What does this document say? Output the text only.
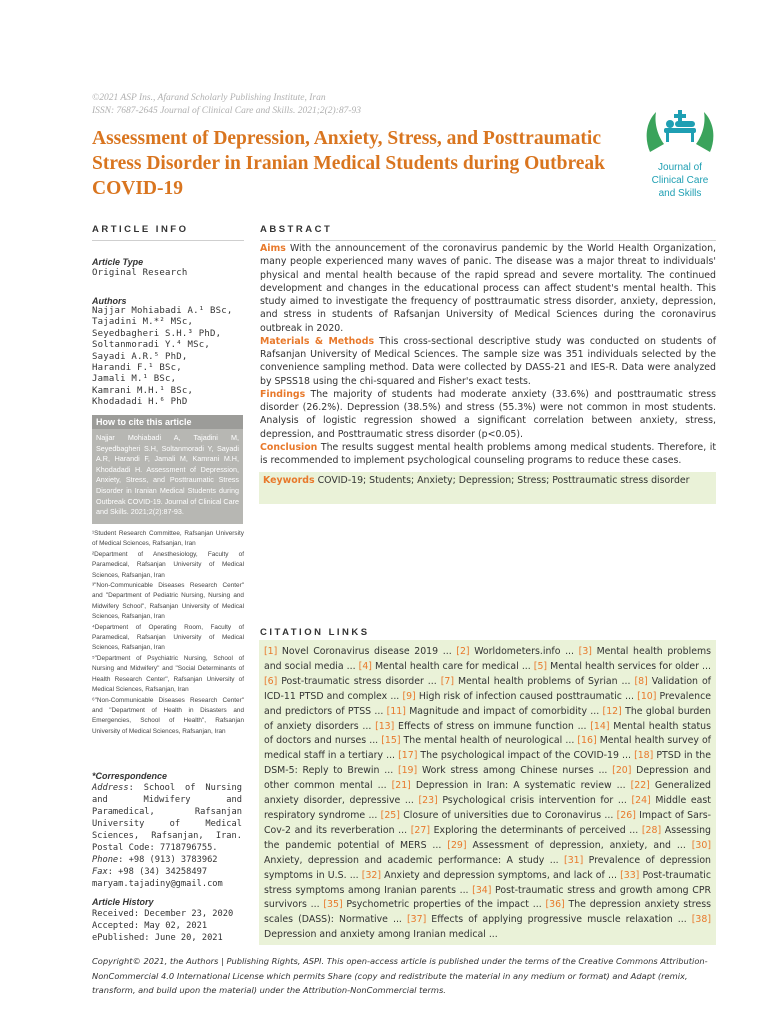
©2021 ASP Ins., Afarand Scholarly Publishing Institute, Iran
ISSN: 7687-2645 Journal of Clinical Care and Skills. 2021;2(2):87-93
Assessment of Depression, Anxiety, Stress, and Posttraumatic Stress Disorder in Iranian Medical Students during Outbreak COVID-19
Journal of
Clinical Care
and Skills
ARTICLE INFO	ABSTRACT
Article Type
Original Research
Authors
Najjar Mohiabadi A.¹ BSc,
Tajadini M.*² MSc,
Seyedbagheri S.H.³ PhD,
Soltanmoradi Y.⁴ MSc,
Sayadi A.R.⁵ PhD,
Harandi F.¹ BSc,
Jamali M.¹ BSc,
Kamrani M.H.¹ BSc,
Khodadadi H.⁶ PhD
How to cite this article
Najjar Mohiabadi A, Tajadini M, Seyedbagheri S.H, Soltanmoradi Y, Sayadi A.R, Harandi F, Jamali M, Kamrani M.H, Khodadadi H. Assessment of Depression, Anxiety, Stress, and Posttraumatic Stress Disorder in Iranian Medical Students during Outbreak COVID-19. Journal of Clinical Care and Skills. 2021;2(2):87-93.
¹Student Research Committee, Rafsanjan University of Medical Sciences, Rafsanjan, Iran
²Department of Anesthesiology, Faculty of Paramedical, Rafsanjan University of Medical Sciences, Rafsanjan, Iran
³"Non-Communicable Diseases Research Center" and "Department of Pediatric Nursing, Nursing and Midwifery School", Rafsanjan University of Medical Sciences, Rafsanjan, Iran
⁴Department of Operating Room, Faculty of Paramedical, Rafsanjan University of Medical Sciences, Rafsanjan, Iran
⁵"Department of Psychiatric Nursing, School of Nursing and Midwifery" and "Social Determinants of Health Research Center", Rafsanjan University of Medical Sciences, Rafsanjan, Iran
⁶"Non-Communicable Diseases Research Center" and "Department of Health in Disasters and Emergencies, School of Health", Rafsanjan University of Medical Sciences, Rafsanjan, Iran
*Correspondence
Address: School of Nursing and Midwifery and Paramedical, Rafsanjan University of Medical Sciences, Rafsanjan, Iran. Postal Code: 7718796755.
Phone: +98 (913) 3783962
Fax: +98 (34) 34258497
maryam.tajadiny@gmail.com
Article History
Received: December 23, 2020
Accepted: May 02, 2021
ePublished: June 20, 2021
Aims With the announcement of the coronavirus pandemic by the World Health Organization, many people experienced many waves of panic. The disease was a major threat to individuals' physical and mental health because of the rapid spread and severe mortality. The continued development and changes in the educational process can affect student's mental health. This study aimed to investigate the frequency of posttraumatic stress disorder, anxiety, depression, and stress in students of Rafsanjan University of Medical Sciences during the coronavirus outbreak in 2020.
Materials & Methods This cross-sectional descriptive study was conducted on students of Rafsanjan University of Medical Sciences. The sample size was 351 individuals selected by the convenience sampling method. Data were collected by DASS-21 and IES-R. Data were analyzed by SPSS18 using the chi-squared and Fisher's exact tests.
Findings The majority of students had moderate anxiety (33.6%) and posttraumatic stress disorder (26.2%). Depression (38.5%) and stress (55.3%) were not common in most students. Analysis of logistic regression showed a significant correlation between anxiety, stress, depression, and Posttraumatic stress disorder (p<0.05).
Conclusion The results suggest mental health problems among medical students. Therefore, it is recommended to implement psychological counseling programs to reduce these cases.
Keywords COVID-19; Students; Anxiety; Depression; Stress; Posttraumatic stress disorder
CITATION LINKS
[1] Novel Coronavirus disease 2019 ... [2] Worldometers.info ... [3] Mental health problems and social media ... [4] Mental health care for medical ... [5] Mental health services for older ... [6] Post-traumatic stress disorder ... [7] Mental health problems of Syrian ... [8] Validation of ICD-11 PTSD and complex ... [9] High risk of infection caused posttraumatic ... [10] Prevalence and predictors of PTSS ... [11] Magnitude and impact of comorbidity ... [12] The global burden of anxiety disorders ... [13] Effects of stress on immune function ... [14] Mental health status of doctors and nurses ... [15] The mental health of neurological ... [16] Mental health survey of medical staff in a tertiary ... [17] The psychological impact of the COVID-19 ... [18] PTSD in the DSM-5: Reply to Brewin ... [19] Work stress among Chinese nurses ... [20] Depression and other common mental ... [21] Depression in Iran: A systematic review ... [22] Generalized anxiety disorder, depressive ... [23] Psychological crisis intervention for ... [24] Middle east respiratory syndrome ... [25] Closure of universities due to Coronavirus ... [26] Impact of Sars-Cov-2 and its reverberation ... [27] Exploring the determinants of perceived ... [28] Assessing the pandemic potential of MERS ... [29] Assessment of depression, anxiety, and ... [30] Anxiety, depression and academic performance: A study ... [31] Prevalence of depression symptoms in U.S. ... [32] Anxiety and depression symptoms, and lack of ... [33] Post-traumatic stress symptoms among Iranian parents ... [34] Post-traumatic stress and growth among CPR survivors ... [35] Psychometric properties of the impact ... [36] The depression anxiety stress scales (DASS): Normative ... [37] Effects of applying progressive muscle relaxation ... [38] Depression and anxiety among Iranian medical ...
Copyright© 2021, the Authors | Publishing Rights, ASPI. This open-access article is published under the terms of the Creative Commons Attribution-NonCommercial 4.0 International License which permits Share (copy and redistribute the material in any medium or format) and Adapt (remix, transform, and build upon the material) under the Attribution-NonCommercial terms.
